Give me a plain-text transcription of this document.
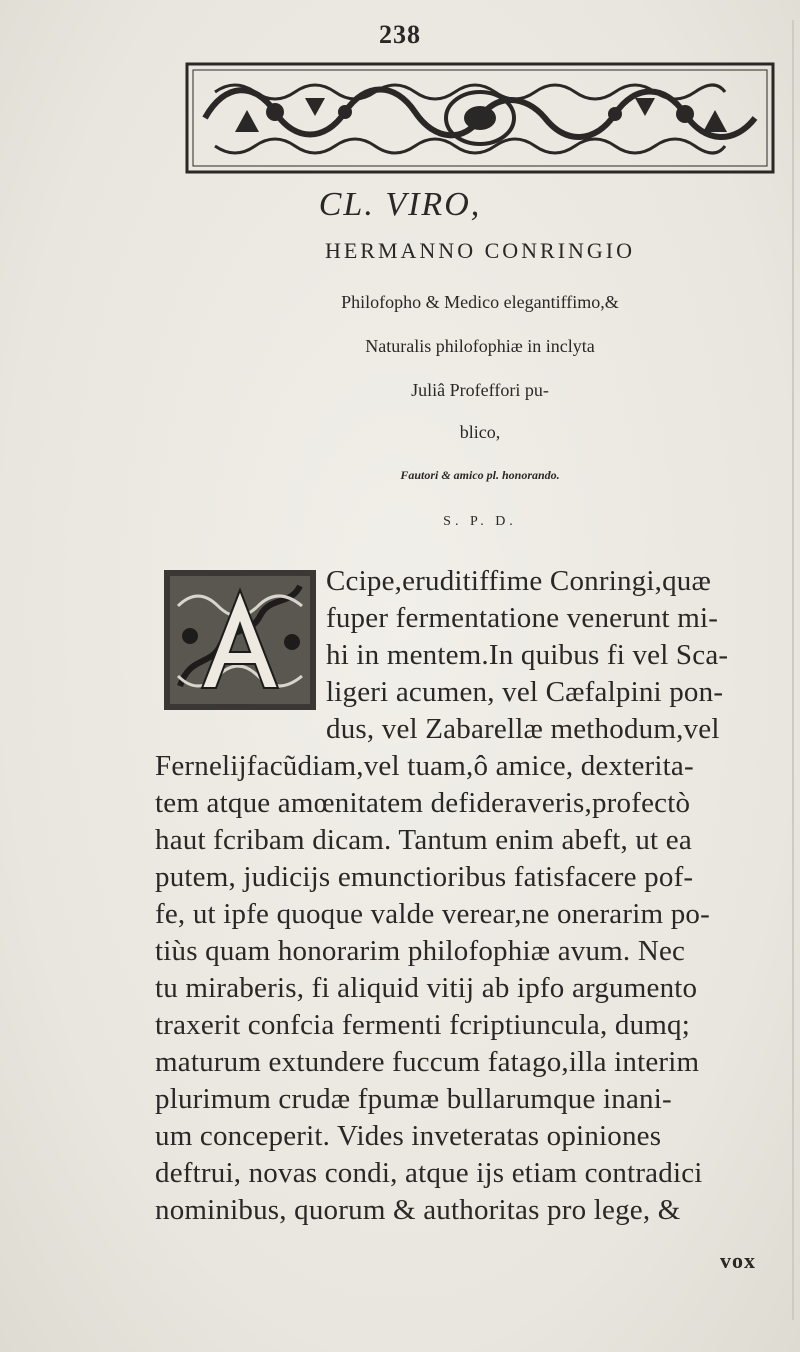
238
CL. VIRO,
HERMANNO CONRINGIO
Philofopho & Medico elegantiffimo,&
Naturalis philofophiæ in inclyta
Juliâ Profeffori pu-
blico,
Fautori & amico pl. honorando.
S. P. D.
Ccipe,eruditiffime Conringi,quæ
fuper fermentatione venerunt mi-
hi in mentem.In quibus fi vel Sca-
ligeri acumen, vel Cæfalpini pon-
dus, vel Zabarellæ methodum,vel
Fernelijfacũdiam,vel tuam,ô amice, dexterita-
tem atque amœnitatem defideraveris,profectò
haut fcribam dicam. Tantum enim abeft, ut ea
putem, judicijs emunctioribus fatisfacere pof-
fe, ut ipfe quoque valde verear,ne onerarim po-
tiùs quam honorarim philofophiæ avum. Nec
tu miraberis, fi aliquid vitij ab ipfo argumento
traxerit confcia fermenti fcriptiuncula, dumq;
maturum extundere fuccum fatago,illa interim
plurimum crudæ fpumæ bullarumque inani-
um conceperit. Vides inveteratas opiniones
deftrui, novas condi, atque ijs etiam contradici
nominibus, quorum & authoritas pro lege, &
vox
